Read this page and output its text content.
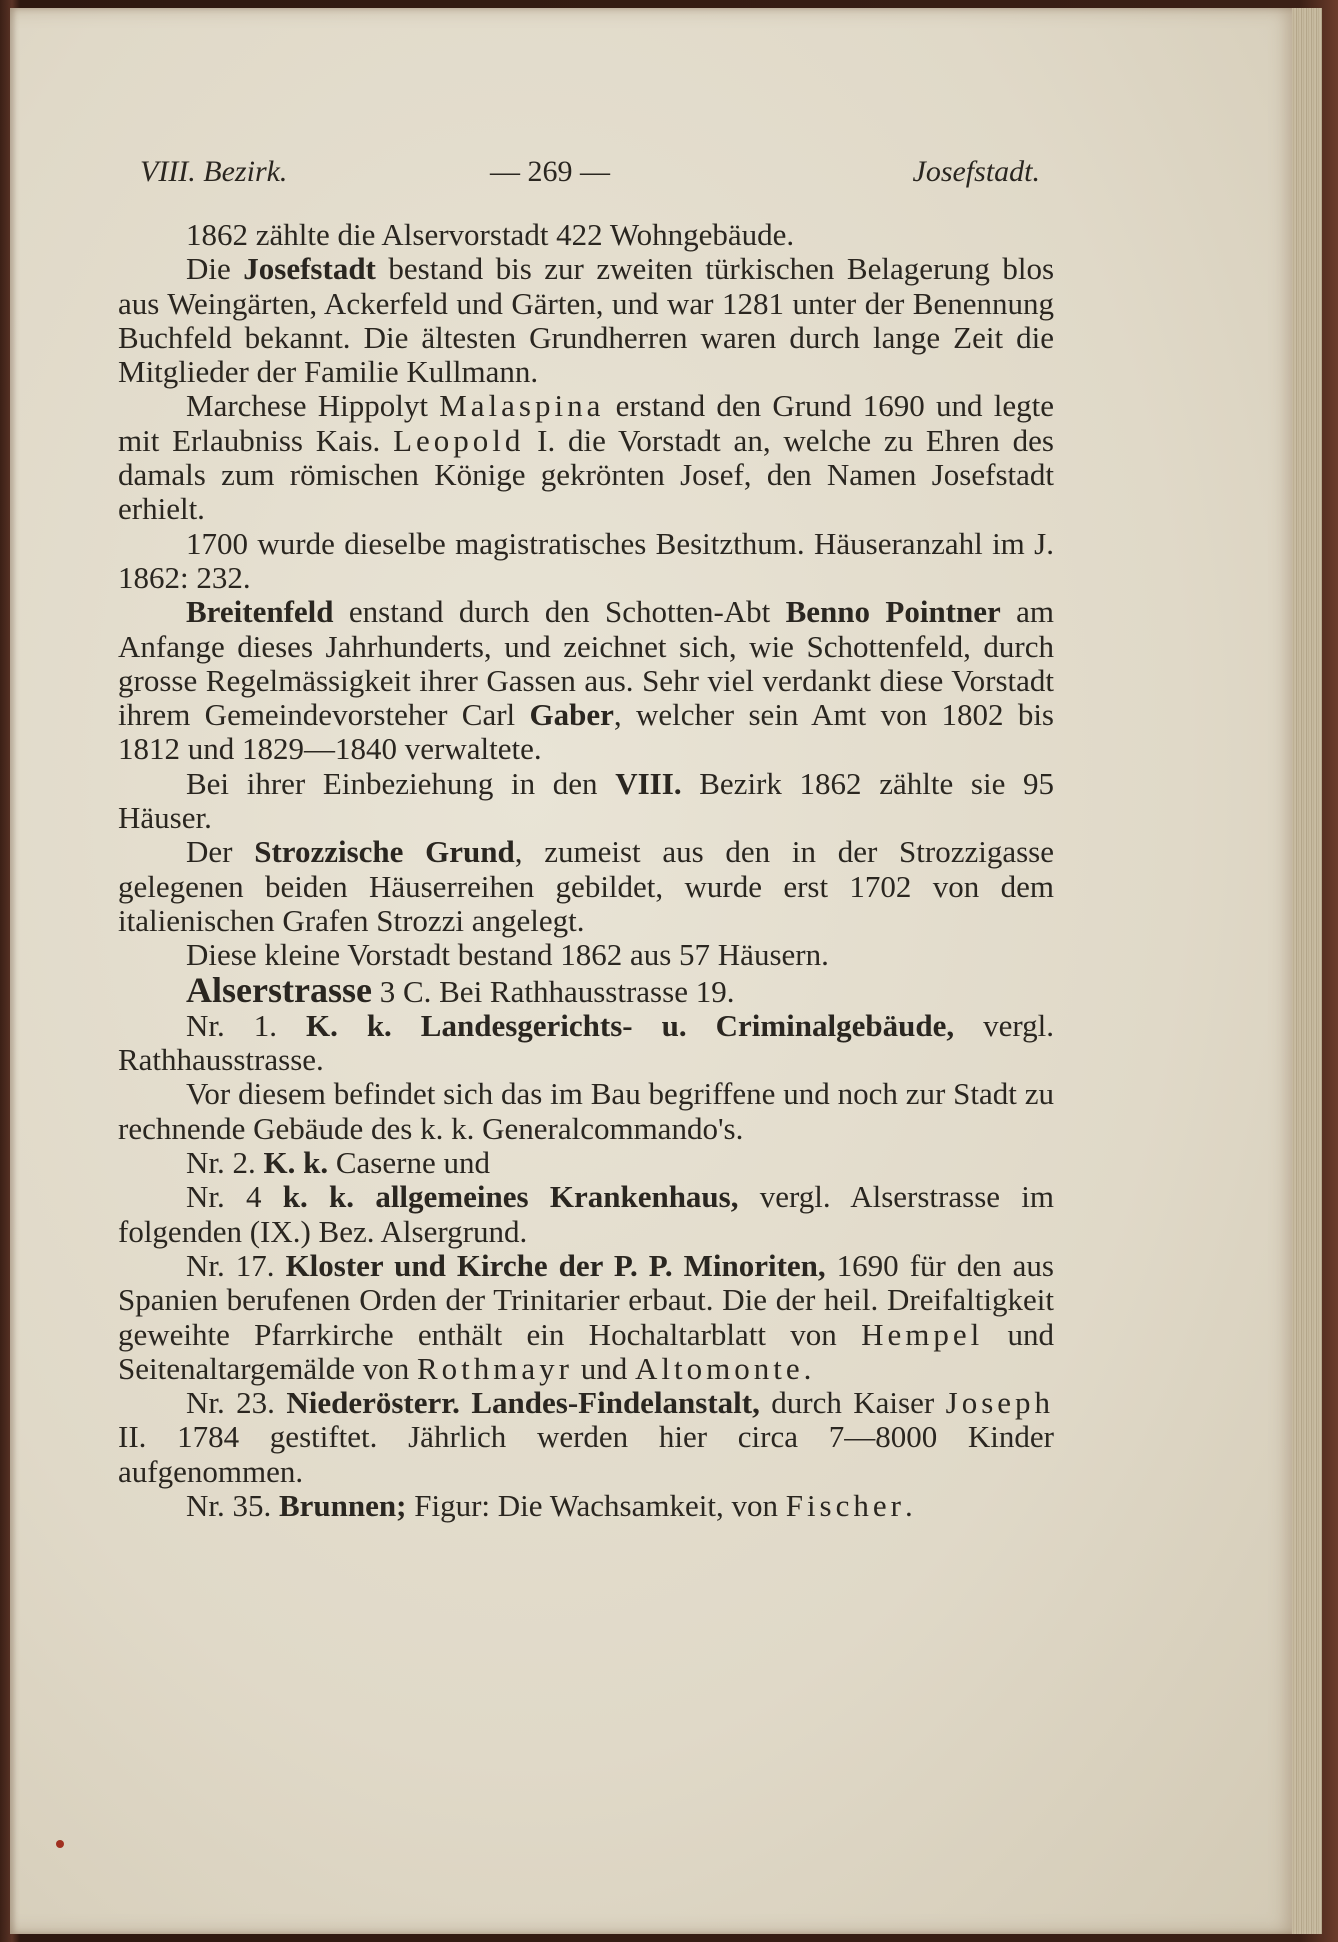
VIII. Bezirk.	— 269 —	Josefstadt.

1862 zählte die Alservorstadt 422 Wohngebäude.

Die Josefstadt bestand bis zur zweiten türkischen Belagerung blos aus Weingärten, Ackerfeld und Gärten, und war 1281 unter der Benennung Buchfeld bekannt. Die ältesten Grundherren waren durch lange Zeit die Mitglieder der Familie Kullmann.

Marchese Hippolyt Malaspina erstand den Grund 1690 und legte mit Erlaubniss Kais. Leopold I. die Vorstadt an, welche zu Ehren des damals zum römischen Könige gekrönten Josef, den Namen Josefstadt erhielt.

1700 wurde dieselbe magistratisches Besitzthum. Häuseranzahl im J. 1862: 232.

Breitenfeld enstand durch den Schotten-Abt Benno Pointner am Anfange dieses Jahrhunderts, und zeichnet sich, wie Schottenfeld, durch grosse Regelmässigkeit ihrer Gassen aus. Sehr viel verdankt diese Vorstadt ihrem Gemeindevorsteher Carl Gaber, welcher sein Amt von 1802 bis 1812 und 1829—1840 verwaltete.

Bei ihrer Einbeziehung in den VIII. Bezirk 1862 zählte sie 95 Häuser.

Der Strozzische Grund, zumeist aus den in der Strozzigasse gelegenen beiden Häuserreihen gebildet, wurde erst 1702 von dem italienischen Grafen Strozzi angelegt.

Diese kleine Vorstadt bestand 1862 aus 57 Häusern.

Alserstrasse 3 C. Bei Rathhausstrasse 19.

Nr. 1. K. k. Landesgerichts- u. Criminalgebäude, vergl. Rathhausstrasse.

Vor diesem befindet sich das im Bau begriffene und noch zur Stadt zu rechnende Gebäude des k. k. Generalcommando's.

Nr. 2. K. k. Caserne und

Nr. 4 k. k. allgemeines Krankenhaus, vergl. Alserstrasse im folgenden (IX.) Bez. Alsergrund.

Nr. 17. Kloster und Kirche der P. P. Minoriten, 1690 für den aus Spanien berufenen Orden der Trinitarier erbaut. Die der heil. Dreifaltigkeit geweihte Pfarrkirche enthält ein Hochaltarblatt von Hempel und Seitenaltargemälde von Rothmayr und Altomonte.

Nr. 23. Niederösterr. Landes-Findelanstalt, durch Kaiser Joseph II. 1784 gestiftet. Jährlich werden hier circa 7—8000 Kinder aufgenommen.

Nr. 35. Brunnen; Figur: Die Wachsamkeit, von Fischer.
